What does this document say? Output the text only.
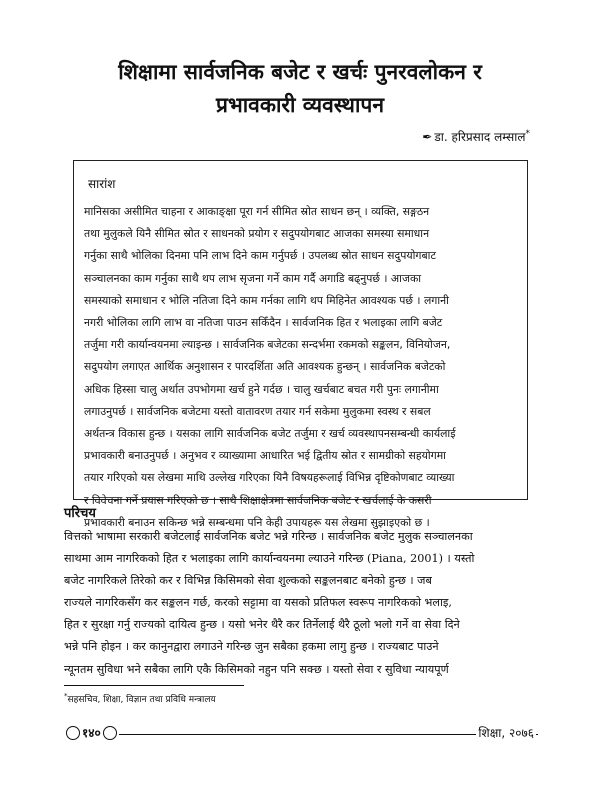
शिक्षामा सार्वजनिक बजेट र खर्चः पुनरवलोकन र
प्रभावकारी व्यवस्थापन
✒ डा. हरिप्रसाद लम्साल*
सारांश
मानिसका असीमित चाहना र आकाङ्क्षा पूरा गर्न सीमित स्रोत साधन छन् । व्यक्ति, सङ्गठन
तथा मुलुकले यिनै सीमित स्रोत र साधनको प्रयोग र सदुपयोगबाट आजका समस्या समाधान
गर्नुका साथै भोलिका दिनमा पनि लाभ दिने काम गर्नुपर्छ । उपलब्ध स्रोत साधन सदुपयोगबाट
सञ्चालनका काम गर्नुका साथै थप लाभ सृजना गर्ने काम गर्दै अगाडि बढ्नुपर्छ । आजका
समस्याको समाधान र भोलि नतिजा दिने काम गर्नका लागि थप मिहिनेत आवश्यक पर्छ । लगानी
नगरी भोलिका लागि लाभ वा नतिजा पाउन सकिँदैन । सार्वजनिक हित र भलाइका लागि बजेट
तर्जुमा गरी कार्यान्वयनमा ल्याइन्छ । सार्वजनिक बजेटका सन्दर्भमा रकमको सङ्कलन, विनियोजन,
सदुपयोग लगाएत आर्थिक अनुशासन र पारदर्शिता अति आवश्यक हुन्छन् । सार्वजनिक बजेटको
अधिक हिस्सा चालु अर्थात उपभोगमा खर्च हुने गर्दछ । चालु खर्चबाट बचत गरी पुनः लगानीमा
लगाउनुपर्छ । सार्वजनिक बजेटमा यस्तो वातावरण तयार गर्न सकेमा मुलुकमा स्वस्थ र सबल
अर्थतन्त्र विकास हुन्छ । यसका लागि सार्वजनिक बजेट तर्जुमा र खर्च व्यवस्थापनसम्बन्धी कार्यलाई
प्रभावकारी बनाउनुपर्छ । अनुभव र व्याख्यामा आधारित भई द्वितीय स्रोत र सामग्रीको सहयोगमा
तयार गरिएको यस लेखमा माथि उल्लेख गरिएका यिनै विषयहरूलाई विभिन्न दृष्टिकोणबाट व्याख्या
र विवेचना गर्ने प्रयास गरिएको छ । साथै शिक्षाक्षेत्रमा सार्वजनिक बजेट र खर्चलाई के कसरी
प्रभावकारी बनाउन सकिन्छ भन्ने सम्बन्धमा पनि केही उपायहरू यस लेखमा सुझाइएको छ ।
परिचय
वित्तको भाषामा सरकारी बजेटलाई सार्वजनिक बजेट भन्ने गरिन्छ । सार्वजनिक बजेट मुलुक सञ्चालनका
साथमा आम नागरिकको हित र भलाइका लागि कार्यान्वयनमा ल्याउने गरिन्छ (Piana, 2001) । यस्तो
बजेट नागरिकले तिरेको कर र विभिन्न किसिमको सेवा शुल्कको सङ्कलनबाट बनेको हुन्छ । जब
राज्यले नागरिकसँग कर सङ्कलन गर्छ, करको सट्टामा वा यसको प्रतिफल स्वरूप नागरिकको भलाइ,
हित र सुरक्षा गर्नु राज्यको दायित्व हुन्छ । यसो भनेर थैरै कर तिर्नेलाई थैरै ठूलो भलो गर्ने वा सेवा दिने
भन्ने पनि होइन । कर कानुनद्वारा लगाउने गरिन्छ जुन सबैका हकमा लागु हुन्छ । राज्यबाट पाउने
न्यूनतम सुविधा भने सबैका लागि एकै किसिमको नहुन पनि सक्छ । यस्तो सेवा र सुविधा न्यायपूर्ण
*सहसचिव, शिक्षा, विज्ञान तथा प्रविधि मन्त्रालय
१४०	शिक्षा, २०७६
